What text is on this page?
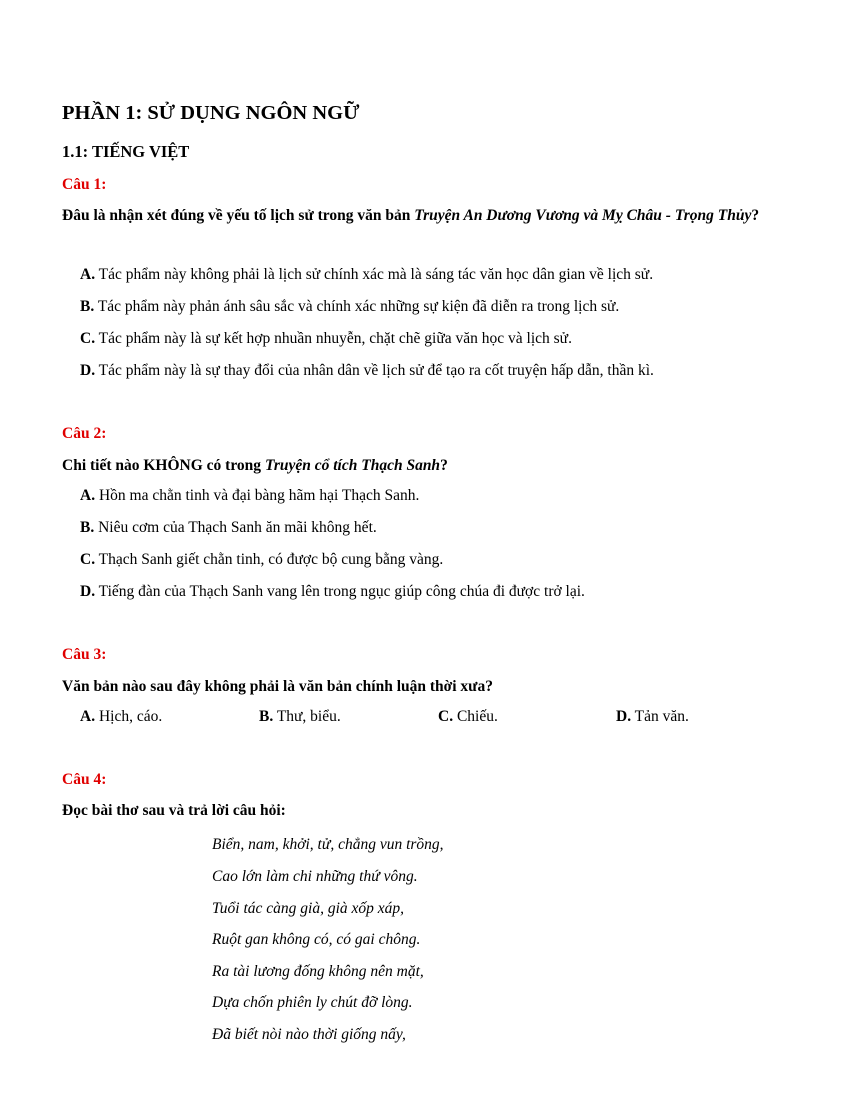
PHẦN 1: SỬ DỤNG NGÔN NGỮ
1.1: TIẾNG VIỆT
Câu 1:
Đâu là nhận xét đúng về yếu tố lịch sử trong văn bản Truyện An Dương Vương và Mỵ Châu - Trọng Thủy?
A. Tác phẩm này không phải là lịch sử chính xác mà là sáng tác văn học dân gian về lịch sử.
B. Tác phẩm này phản ánh sâu sắc và chính xác những sự kiện đã diễn ra trong lịch sử.
C. Tác phẩm này là sự kết hợp nhuần nhuyễn, chặt chẽ giữa văn học và lịch sử.
D. Tác phẩm này là sự thay đổi của nhân dân về lịch sử để tạo ra cốt truyện hấp dẫn, thần kì.
Câu 2:
Chi tiết nào KHÔNG có trong Truyện cổ tích Thạch Sanh?
A. Hồn ma chằn tinh và đại bàng hãm hại Thạch Sanh.
B. Niêu cơm của Thạch Sanh ăn mãi không hết.
C. Thạch Sanh giết chằn tinh, có được bộ cung bằng vàng.
D. Tiếng đàn của Thạch Sanh vang lên trong ngục giúp công chúa đi được trở lại.
Câu 3:
Văn bản nào sau đây không phải là văn bản chính luận thời xưa?
A. Hịch, cáo.	B. Thư, biểu.	C. Chiếu.	D. Tản văn.
Câu 4:
Đọc bài thơ sau và trả lời câu hỏi:
Biển, nam, khởi, tử, chẳng vun trồng,
Cao lớn làm chi những thứ vông.
Tuổi tác càng già, già xốp xáp,
Ruột gan không có, có gai chông.
Ra tài lương đống không nên mặt,
Dựa chốn phiên ly chút đỡ lòng.
Đã biết nòi nào thời giống nấy,
